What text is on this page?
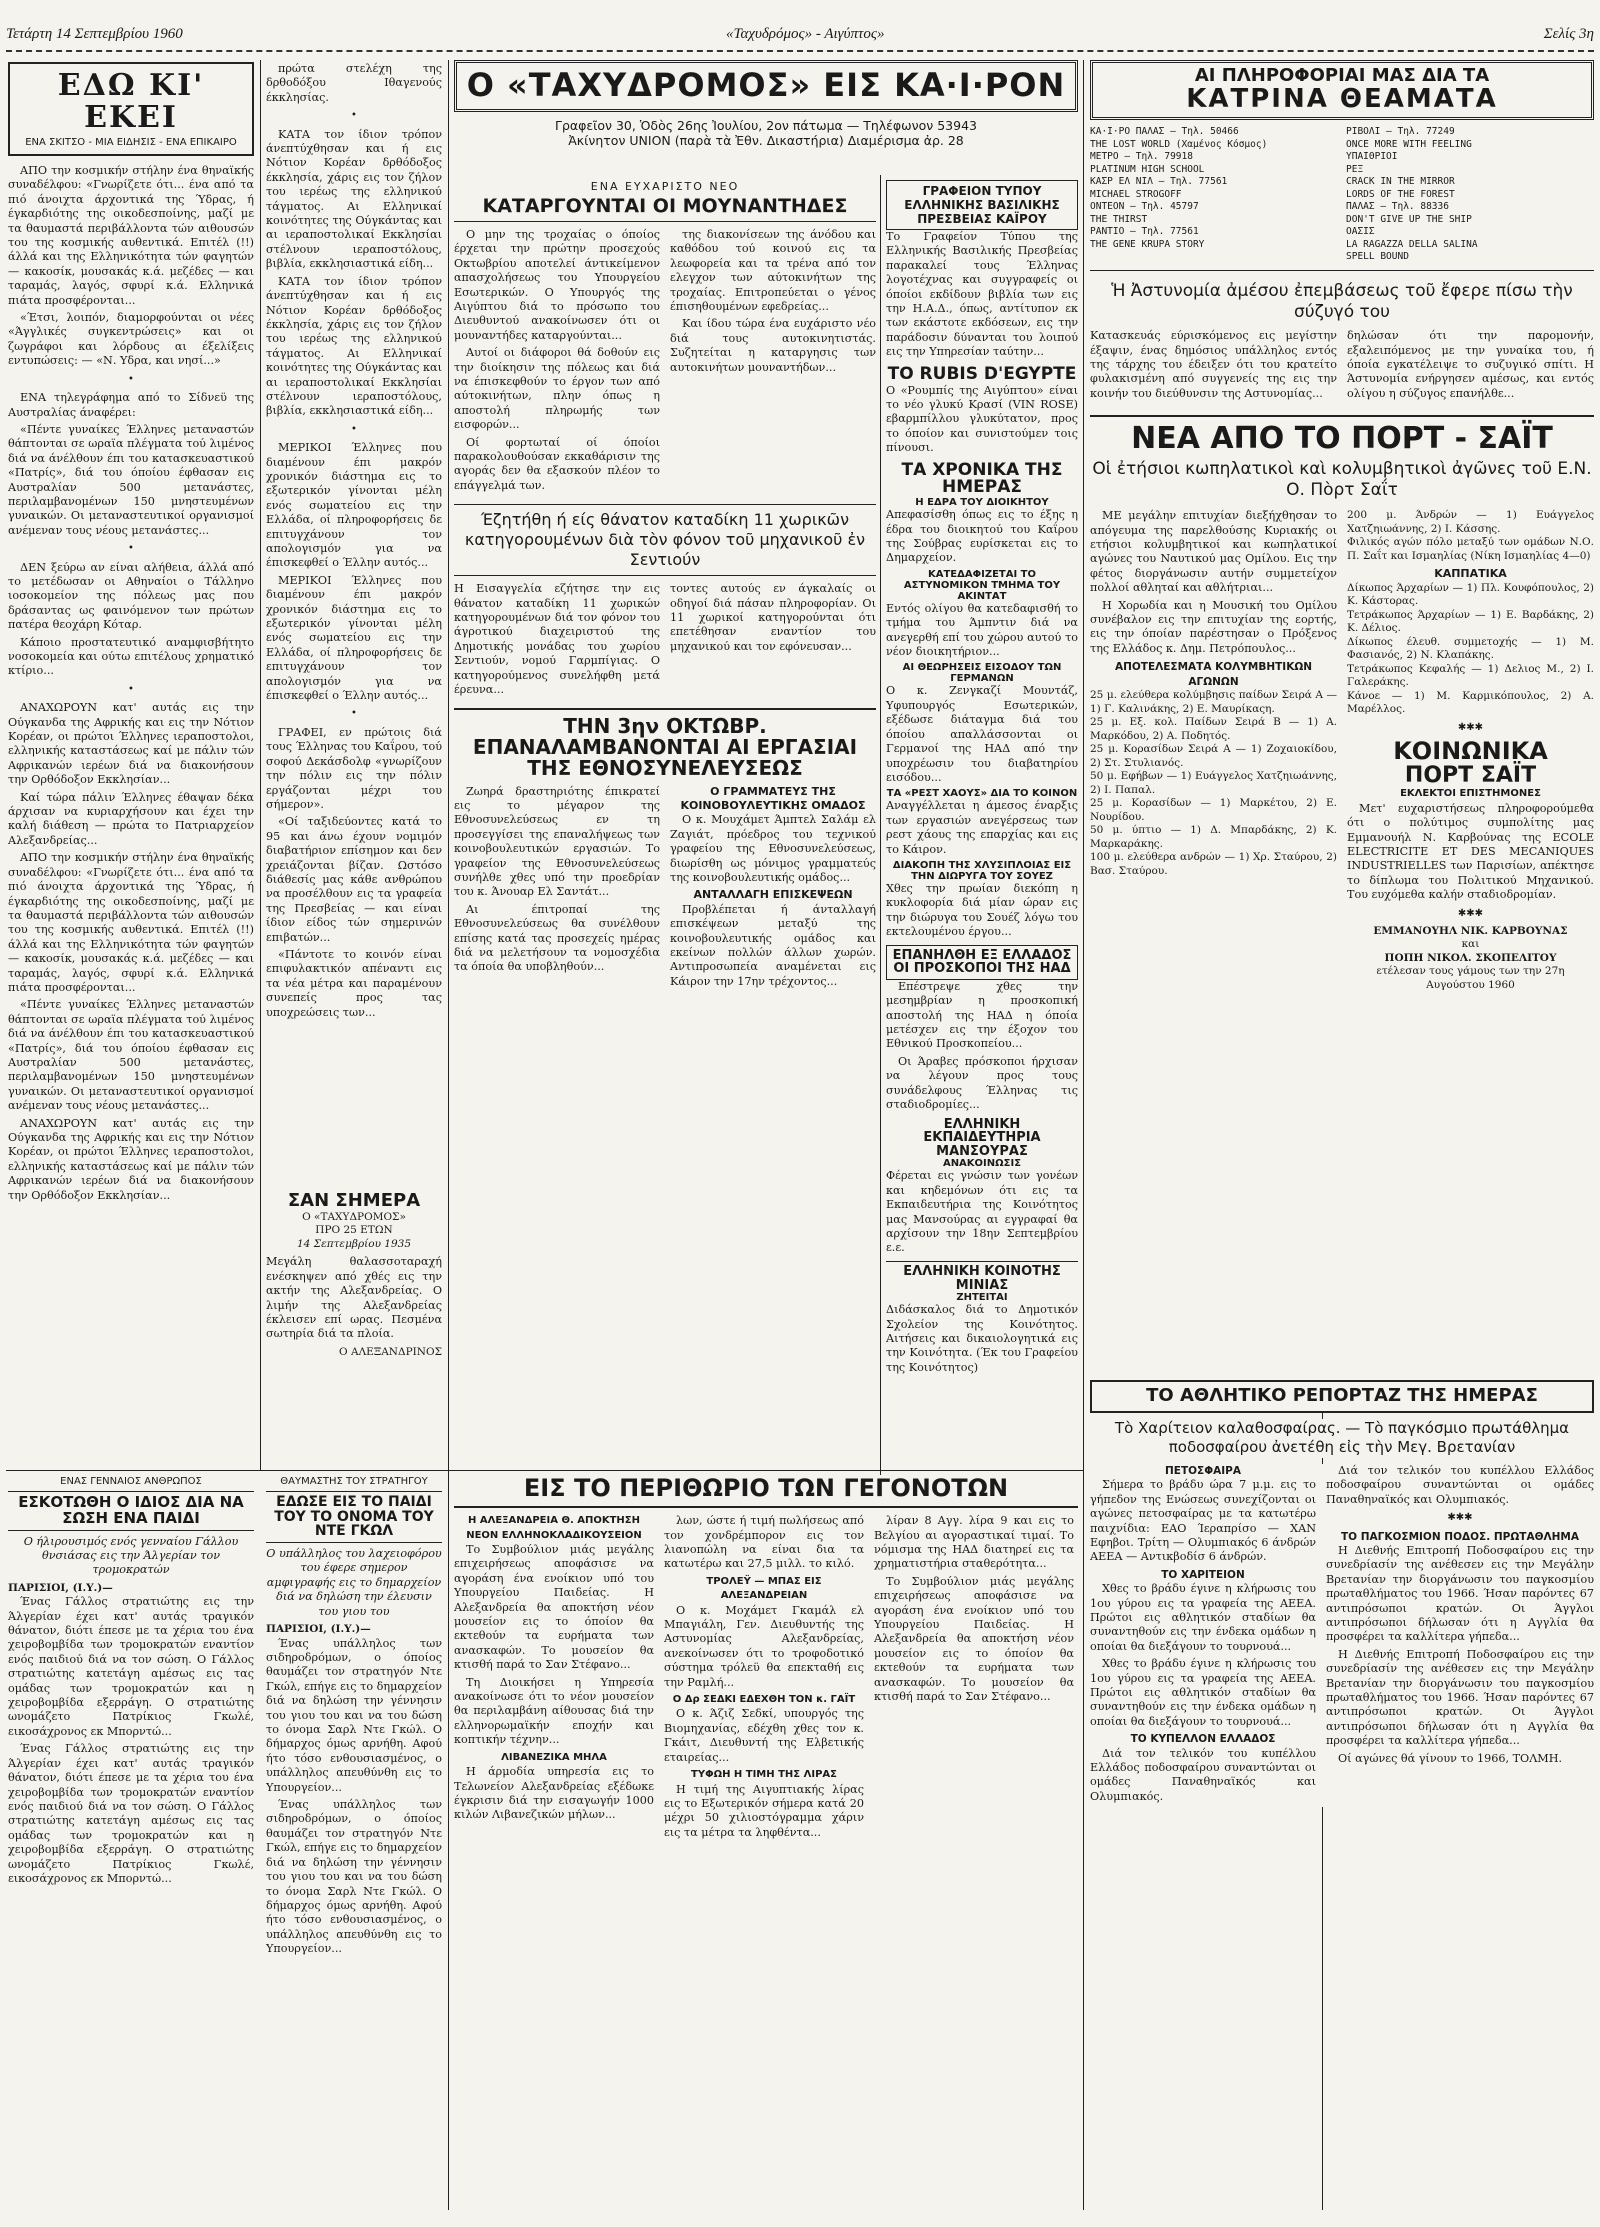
Τετάρτη 14 Σεπτεμβρίου 1960	«Ταχυδρόμος» - Αιγύπτος»	Σελίς 3η
ΕΔΩ ΚΙ' ΕΚΕΙ
ΕΝΑ ΣΚΙΤΣΟ - ΜΙΑ ΕΙΔΗΣΙΣ - ΕΝΑ ΕΠΙΚΑΙΡΟ

ΑΠΟ την κοσμικήν στήλην ένα θηναϊκής συναδέλφου: «Γνωρίζετε ότι... ένα από τα πιό άνοιχτα άρχοντικά της Ύδρας, ή έγκαρδιότης της οικοδεσποίνης, μαζί με τα θαυμαστά περιβάλλοντα τών αιθουσών του της κοσμικής αυθεντικά. Επιτέλ (!!) άλλά και της Ελληνικότητα τών φαγητών — κακοσίκ, μουσακάς κ.ά. μεζέδες — και ταραμάς, λαγός, σφυρί κ.ά. Ελληνικά πιάτα προσφέρονται...

«Έτσι, λοιπόν, διαμορφούνται οι νέες «Άγγλικές συγκεντρώσεις» και οι ζωγράφοι και λόρδους αι έξελίξεις εντυπώσεις: — «Ν. Υδρα, και νησί...»

•

ΕΝΑ τηλεγράφημα από το Σίδνεϋ της Αυστραλίας άναφέρει:

«Πέντε γυναίκες Έλληνες μεταναστών θάπτονται σε ωραϊα πλέγματα τού λιμένος διά να άνέλθουν έπι του κατασκευαστικού «Πατρίς», διά του όποίου έφθασαν εις Αυστραλίαν 500 μετανάστες, περιλαμβανομένων 150 μνηστευμένων γυναικών. Οι μεταναστευτικοί οργανισμοί ανέμεναν τους νέους μετανάστες...

•

ΔΕΝ ξεύρω αν είναι αλήθεια, άλλά από το μετέδωσαν οι Αθηναίοι ο Τάλληνο ιοσοκομείον της πόλεως μας που δράσαντας ως φαινόμενον των πρώτων πατέρα θεοχάρη Κόταρ.

Κάποιο προστατευτικό αναμφισβήτητο νοσοκομεία και ούτω επιτέλους χρηματικό κτίριο...

•

ΑΝΑΧΩΡΟΥΝ κατ' αυτάς εις την Ούγκανδα της Αφρικής και εις την Νότιον Κορέαν, οι πρώτοι Έλληνες ιεραποστολοι, ελληνικής καταστάσεως καί με πάλιν τών Αφρικανών ιερέων διά να διακονήσουν την Ορθόδοξον Εκκλησίαν...

Καί τώρα πάλιν Έλληνες έθαψαν δέκα άρχισαν να κυριαρχήσουν και έχει την καλή διάθεση — πρώτα το Πατριαρχείον Αλεξανδρείας...

ΑΠΟ την κοσμικήν στήλην ένα θηναϊκής συναδέλφου: «Γνωρίζετε ότι... ένα από τα πιό άνοιχτα άρχοντικά της Ύδρας, ή έγκαρδιότης της οικοδεσποίνης, μαζί με τα θαυμαστά περιβάλλοντα τών αιθουσών του της κοσμικής αυθεντικά. Επιτέλ (!!) άλλά και της Ελληνικότητα τών φαγητών — κακοσίκ, μουσακάς κ.ά. μεζέδες — και ταραμάς, λαγός, σφυρί κ.ά. Ελληνικά πιάτα προσφέρονται...

«Πέντε γυναίκες Έλληνες μεταναστών θάπτονται σε ωραϊα πλέγματα τού λιμένος διά να άνέλθουν έπι του κατασκευαστικού «Πατρίς», διά του όποίου έφθασαν εις Αυστραλίαν 500 μετανάστες, περιλαμβανομένων 150 μνηστευμένων γυναικών. Οι μεταναστευτικοί οργανισμοί ανέμεναν τους νέους μετανάστες...

ΑΝΑΧΩΡΟΥΝ κατ' αυτάς εις την Ούγκανδα της Αφρικής και εις την Νότιον Κορέαν, οι πρώτοι Έλληνες ιεραποστολοι, ελληνικής καταστάσεως καί με πάλιν τών Αφρικανών ιερέων διά να διακονήσουν την Ορθόδοξον Εκκλησίαν...

πρώτα στελέχη της δρθοδόξου Ιθαγενούς έκκλησίας.

•

ΚΑΤΑ τον ίδιον τρόπον άνεπτύχθησαν και ή εις Νότιον Κορέαν δρθόδοξος έκκλησία, χάρις εις τον ζήλον του ιερέως της ελληνικού τάγματος. Αι Ελληνικαί κοινότητες της Ούγκάντας και αι ιεραποστολικαί Εκκλησίαι στέλνουν ιεραποστόλους, βιβλία, εκκλησιαστικά είδη...

ΚΑΤΑ τον ίδιον τρόπον άνεπτύχθησαν και ή εις Νότιον Κορέαν δρθόδοξος έκκλησία, χάρις εις τον ζήλον του ιερέως της ελληνικού τάγματος. Αι Ελληνικαί κοινότητες της Ούγκάντας και αι ιεραποστολικαί Εκκλησίαι στέλνουν ιεραποστόλους, βιβλία, εκκλησιαστικά είδη...

•

ΜΕΡΙΚΟΙ Έλληνες που διαμένουν έπι μακρόν χρονικόν διάστημα εις το εξωτερικόν γίνονται μέλη ενός σωματείου εις την Ελλάδα, οί πληροφορήσεις δε επιτυγχάνουν τον απολογισμόν για να έπισκεφθεί ο Έλλην αυτός...

ΜΕΡΙΚΟΙ Έλληνες που διαμένουν έπι μακρόν χρονικόν διάστημα εις το εξωτερικόν γίνονται μέλη ενός σωματείου εις την Ελλάδα, οί πληροφορήσεις δε επιτυγχάνουν τον απολογισμόν για να έπισκεφθεί ο Έλλην αυτός...

•

ΓΡΑΦΕΙ, εν πρώτοις διά τους Έλληνας του Καΐρου, τού σοφού Δεκάσδολφ «γνωρίζουν την πόλιν εις την πόλιν εργάζονται μέχρι του σήμερον».

«Οί ταξιδεύοντες κατά το 95 και άνω έχουν νομιμόν διαβατήριον επίσημον και δεν χρειάζονται βίζαν. Ωστόσο διάθεσίς μας κάθε ανθρώπου να προσέλθουν εις τα γραφεία της Πρεσβείας — και είναι ίδιον είδος τών σημερινών επιβατών...

«Πάντοτε το κοινόν είναι επιφυλακτικόν απέναντι εις τα νέα μέτρα και παραμένουν συνεπείς προς τας υποχρεώσεις των...

ΣΑΝ ΣΗΜΕΡΑ
Ο «ΤΑΧΥΔΡΟΜΟΣ»
ΠΡΟ 25 ΕΤΩΝ
14 Σεπτεμβρίου 1935
Μεγάλη θαλασσοταραχή ενέσκηψεν από χθές εις την ακτήν της Αλεξανδρείας. Ο λιμήν της Αλεξανδρείας έκλεισεν επί ωρας. Πεσμένα σωτηρία διά τα πλοία.
Ο ΑΛΕΞΑΝΔΡΙΝΟΣ
Ο «ΤΑΧΥΔΡΟΜΟΣ» ΕΙΣ ΚΑ·Ι·ΡΟΝ
Γραφεῖον 30, Ὁδὸς 26ης Ἰουλίου, 2ον πάτωμα — Τηλέφωνον 53943
Ἀκίνητον UNION (παρὰ τὰ Ἐθν. Δικαστήρια) Διαμέρισμα ἀρ. 28
ΕΝΑ ΕΥΧΑΡΙΣΤΟ ΝΕΟ
ΚΑΤΑΡΓΟΥΝΤΑΙ ΟΙ ΜΟΥΝΑΝΤΗΔΕΣ

Ο μην της τροχαίας ο όποίος έρχεται την πρώτην προσεχούς Οκτωβρίου αποτελεί άντικείμενον απασχολήσεως του Υπουργείου Εσωτερικών. Ο Υπουργός της Αιγύπτου διά το πρόσωπο του Διευθυντού ανακοίνωσεν ότι οι μουναντήδες καταργούνται...

Αυτοί οι διάφοροι θά δοθούν εις την διοίκησιν της πόλεως και διά να έπισκεφθούν το έργον των από αύτοκινήτων, πλην όπως η αποστολή πληρωμής των εισφορών...

Οί φορτωταί οί όποίοι παρακολουθούσαν εκκαθάρισιν της αγοράς δεν θα εξασκούν πλέον το επάγγελμά των.

της διακονίσεων της άνόδου και καθόδου τού κοινού εις τα λεωφορεία και τα τρένα από τον ελεγχον των αύτοκινήτων της τροχαίας. Επιτροπεύεται ο γένος έπισηθουμένων εφεδρείας...

Και ίδου τώρα ένα ευχάριστο νέο διά τους αυτοκινητιστάς. Συζητείται η καταργησις των αυτοκινήτων μουναντήδων...

Έζητήθη ή είς θάνατον καταδίκη 11 χωρικῶν κατηγορουμένων διὰ τὸν φόνον τοῦ μηχανικοῦ ἐν Σεντιούν
Η Εισαγγελία εζήτησε την εις θάνατον καταδίκη 11 χωρικών κατηγορουμένων διά τον φόνον του άγροτικού διαχειριστού της Δημοτικής μονάδας του χωρίου Σεντιούν, νομού Γαρμπίγιας. Ο κατηγορούμενος συνελήφθη μετά έρευνα...
τοντες αυτούς εν άγκαλαίς οι οδηγοί διά πάσαν πληροφορίαν. Οι 11 χωρικοί κατηγορούνται ότι επετέθησαν εναντίον του μηχανικού και τον εφόνευσαν...
ΤΗΝ 3ην ΟΚΤΩΒΡ. ΕΠΑΝΑΛΑΜΒΑΝΟΝΤΑΙ ΑΙ ΕΡΓΑΣΙΑΙ ΤΗΣ ΕΘΝΟΣΥΝΕΛΕΥΣΕΩΣ

Ζωηρά δραστηριότης έπικρατεί εις το μέγαρον της Εθνοσυνελεύσεως εν τη προσεγγίσει της επαναλήψεως των κοινοβουλευτικών εργασιών. Το γραφείον της Εθνοσυνελεύσεως συνήλθε χθες υπό την προεδρίαν του κ. Άνουαρ Ελ Σαντάτ...

Αι έπιτροπαί της Εθνοσυνελεύσεως θα συνέλθουν επίσης κατά τας προσεχείς ημέρας διά να μελετήσουν τα νομοσχέδια τα όποία θα υποβληθούν...

Ο ΓΡΑΜΜΑΤΕΥΣ ΤΗΣ ΚΟΙΝΟΒΟΥΛΕΥΤΙΚΗΣ ΟΜΑΔΟΣ

Ο κ. Μουχάμετ Άμπτελ Σαλάμ ελ Ζαγιάτ, πρόεδρος του τεχνικού γραφείου της Εθνοσυνελεύσεως, διωρίσθη ως μόνιμος γραμματεύς της κοινοβουλευτικής ομάδος...

ΑΝΤΑΛΛΑΓΗ ΕΠΙΣΚΕΨΕΩΝ

Προβλέπεται ή άνταλλαγή επισκέψεων μεταξύ της κοινοβουλευτικής ομάδος και εκείνων πολλών άλλων χωρών. Αντιπροσωπεία αναμένεται εις Κάιρον την 17ην τρέχοντος...

ΓΡΑΦΕΙΟΝ ΤΥΠΟΥ ΕΛΛΗΝΙΚΗΣ ΒΑΣΙΛΙΚΗΣ ΠΡΕΣΒΕΙΑΣ ΚΑΪΡΟΥ
Το Γραφείον Τύπου της Ελληνικής Βασιλικής Πρεσβείας παρακαλεί τους Έλληνας λογοτέχνας και συγγραφείς οι όποίοι εκδίδουν βιβλία των εις την Η.Α.Δ., όπως, αντίτυπον εκ των εκάστοτε εκδόσεων, εις την παράδοσιν δύνανται του λοιπού εις την Υπηρεσίαν ταύτην...
TO RUBIS D'EGYPTE
Ο «Ρουμπίς της Αιγύπτου» είναι το νέο γλυκύ Κρασί (VIN ROSE) εβαρμπίλλου γλυκύτατον, προς το όποίον και συνιστούμεν τοις πίνουσι.
ΤΑ ΧΡΟΝΙΚΑ ΤΗΣ ΗΜΕΡΑΣ
Η ΕΔΡΑ ΤΟΥ ΔΙΟΙΚΗΤΟΥ
Απεφασίσθη όπως εις το έξης η έδρα του διοικητού του Καΐρου της Σούβρας ευρίσκεται εις το Δημαρχείον.
ΚΑΤΕΔΑΦΙΖΕΤΑΙ ΤΟ ΑΣΤΥΝΟΜΙΚΟΝ ΤΜΗΜΑ ΤΟΥ ΑΚΙΝΤΑΤ
Εντός ολίγου θα κατεδαφισθή το τμήμα του Άμπντιν διά να ανεγερθή επί του χώρου αυτού το νέον διοικητήριον...
ΑΙ ΘΕΩΡΗΣΕΙΣ ΕΙΣΟΔΟΥ ΤΩΝ ΓΕΡΜΑΝΩΝ
Ο κ. Ζενγκαζί Μουντάζ, Υφυπουργός Εσωτερικών, εξέδωσε διάταγμα διά του όποίου απαλλάσσονται οι Γερμανοί της ΗΑΔ από την υποχρέωσιν του διαβατηρίου εισόδου...
ΤΑ «ΡΕΣΤ ΧΑΟΥΣ» ΔΙΑ ΤΟ ΚΟΙΝΟΝ
Αναγγέλλεται η άμεσος έναρξις των εργασιών ανεγέρσεως των ρεστ χάους της επαρχίας και εις το Κάιρον.
ΔΙΑΚΟΠΗ ΤΗΣ ΧΛΥΣΙΠΛΟΙΑΣ ΕΙΣ ΤΗΝ ΔΙΩΡΥΓΑ ΤΟΥ ΣΟΥΕΖ
Χθες την πρωίαν διεκόπη η κυκλοφορία διά μίαν ώραν εις την διώρυγα του Σουέζ λόγω του εκτελουμένου έργου...
ΕΠΑΝΗΛΘΗ ΕΞ ΕΛΛΑΔΟΣ ΟΙ ΠΡΟΣΚΟΠΟΙ ΤΗΣ ΗΑΔ

Επέστρεψε χθες την μεσημβρίαν η προσκοπική αποστολή της ΗΑΔ η όποία μετέσχεν εις την έξοχον του Εθνικού Προσκοπείου...

Οι Άραβες πρόσκοποι ήρχισαν να λέγουν προς τους συνάδελφους Έλληνας τις σταδιοδρομίες...

ΕΛΛΗΝΙΚΗ ΕΚΠΑΙΔΕΥΤΗΡΙΑ ΜΑΝΣΟΥΡΑΣ
ΑΝΑΚΟΙΝΩΣΙΣ
Φέρεται εις γνώσιν των γονέων και κηδεμόνων ότι εις τα Εκπαιδευτήρια της Κοινότητος μας Μανσούρας αι εγγραφαί θα αρχίσουν την 18ην Σεπτεμβρίου ε.ε.
ΕΛΛΗΝΙΚΗ ΚΟΙΝΟΤΗΣ ΜΙΝΙΑΣ
ΖΗΤΕΙΤΑΙ
Διδάσκαλος διά το Δημοτικόν Σχολείον της Κοινότητος. Αιτήσεις και δικαιολογητικά εις την Κοινότητα. (Έκ του Γραφείου της Κοινότητος)
ΕΝΑΣ ΓΕΝΝΑΙΟΣ ΑΝΘΡΩΠΟΣ
ΕΣΚΟΤΩΘΗ Ο ΙΔΙΟΣ ΔΙΑ ΝΑ ΣΩΣΗ ΕΝΑ ΠΑΙΔΙ
Ο ήλιρουσιμός ενός γενναίου Γάλλου θνσιάσας εις την Άλγερίαν τον τρομοκρατών
ΠΑΡΙΣΙΟΙ, (Ι.Υ.)—

Ένας Γάλλος στρατιώτης εις την Άλγερίαν έχει κατ' αυτάς τραγικόν θάνατον, διότι έπεσε με τα χέρια του ένα χειροβομβίδα των τρομοκρατών εναντίον ενός παιδιού διά να τον σώση. Ο Γάλλος στρατιώτης κατετάγη αμέσως εις τας ομάδας των τρομοκρατών και η χειροβομβίδα εξερράγη. Ο στρατιώτης ωνομάζετο Πατρίκιος Γκωλέ, εικοσάχρονος εκ Μπορντώ...

Ένας Γάλλος στρατιώτης εις την Άλγερίαν έχει κατ' αυτάς τραγικόν θάνατον, διότι έπεσε με τα χέρια του ένα χειροβομβίδα των τρομοκρατών εναντίον ενός παιδιού διά να τον σώση. Ο Γάλλος στρατιώτης κατετάγη αμέσως εις τας ομάδας των τρομοκρατών και η χειροβομβίδα εξερράγη. Ο στρατιώτης ωνομάζετο Πατρίκιος Γκωλέ, εικοσάχρονος εκ Μπορντώ...

ΘΑΥΜΑΣΤΗΣ ΤΟΥ ΣΤΡΑΤΗΓΟΥ
ΕΔΩΣΕ ΕΙΣ ΤΟ ΠΑΙΔΙ ΤΟΥ ΤΟ ΟΝΟΜΑ ΤΟΥ ΝΤΕ ΓΚΩΛ
Ο υπάλληλος του λαχειοφόρου του έφερε σημερον αμφιγραφής εις το δημαρχείον διά να δηλώση την έλευσιν του γιου του
ΠΑΡΙΣΙΟΙ, (Ι.Υ.)—

Ένας υπάλληλος των σιδηροδρόμων, ο όποίος θαυμάζει τον στρατηγόν Ντε Γκώλ, επήγε εις το δημαρχείον διά να δηλώση την γέννησιν του γιου του και να του δώση το όνομα Σαρλ Ντε Γκώλ. Ο δήμαρχος όμως αρνήθη. Αφού ήτο τόσο ενθουσιασμένος, ο υπάλληλος απευθύνθη εις το Υπουργείον...

Ένας υπάλληλος των σιδηροδρόμων, ο όποίος θαυμάζει τον στρατηγόν Ντε Γκώλ, επήγε εις το δημαρχείον διά να δηλώση την γέννησιν του γιου του και να του δώση το όνομα Σαρλ Ντε Γκώλ. Ο δήμαρχος όμως αρνήθη. Αφού ήτο τόσο ενθουσιασμένος, ο υπάλληλος απευθύνθη εις το Υπουργείον...

ΕΙΣ ΤΟ ΠΕΡΙΘΩΡΙΟ ΤΩΝ ΓΕΓΟΝΟΤΩΝ
Η ΑΛΕΞΑΝΔΡΕΙΑ Θ. ΑΠΟΚΤΗΣΗ ΝΕΟΝ ΕΛΛΗΝΟΚΛΑΔΙΚΟΥΣΕΙΟΝ

Το Συμβούλιον μιάς μεγάλης επιχειρήσεως αποφάσισε να αγοράση ένα ενοίκιον υπό του Υπουργείου Παιδείας. Η Αλεξανδρεία θα αποκτήση νέον μουσείον εις το όποίον θα εκτεθούν τα ευρήματα των ανασκαφών. Το μουσείον θα κτισθή παρά το Σαν Στέφανο...

Τη Διοικήσει η Υπηρεσία ανακοίνωσε ότι το νέον μουσείον θα περιλαμβάνη αίθουσας διά την ελληνορωμαϊκήν εποχήν και κοπτικήν τέχνην...

ΛΙΒΑΝΕΖΙΚΑ ΜΗΛΑ

Η άρμοδία υπηρεσία εις το Τελωνείον Αλεξανδρείας εξέδωκε έγκρισιν διά την εισαγωγήν 1000 κιλών Λιβανεζικών μήλων...

λων, ώστε ή τιμή πωλήσεως από τον χονδρέμπορον εις τον λιανοπώλη να είναι δια τα κατωτέρω και 27,5 μιλλ. το κιλό.

ΤΡΟΛΕΫ — ΜΠΑΣ ΕΙΣ ΑΛΕΞΑΝΔΡΕΙΑΝ

Ο κ. Μοχάμετ Γκαμάλ ελ Μπαγιάλη, Γεν. Διευθυντής της Αστυνομίας Αλεξανδρείας, ανεκοίνωσεν ότι το τροφοδοτικό σύστημα τρόλεϋ θα επεκταθή εις την Ραμλή...

Ο Δρ ΣΕΔΚΙ ΕΔΕΧΘΗ ΤΟΝ κ. ΓΑΪΤ

Ο κ. Άζιζ Σεδκί, υπουργός της Βιομηχανίας, εδέχθη χθες τον κ. Γκάιτ, Διευθυντή της Ελβετικής εταιρείας...

ΤΥΦΩΗ Η ΤΙΜΗ ΤΗΣ ΛΙΡΑΣ

Η τιμή της Αιγυπτιακής λίρας εις το Εξωτερικόν σήμερα κατά 20 μέχρι 50 χιλιοστόγραμμα χάριν εις τα μέτρα τα ληφθέντα...

λίραν 8 Αγγ. λίρα 9 και εις το Βελγίου αι αγοραστικαί τιμαί. Το νόμισμα της ΗΑΔ διατηρεί εις τα χρηματιστήρια σταθερότητα...

Το Συμβούλιον μιάς μεγάλης επιχειρήσεως αποφάσισε να αγοράση ένα ενοίκιον υπό του Υπουργείου Παιδείας. Η Αλεξανδρεία θα αποκτήση νέον μουσείον εις το όποίον θα εκτεθούν τα ευρήματα των ανασκαφών. Το μουσείον θα κτισθή παρά το Σαν Στέφανο...

ΑΙ ΠΛΗΡΟΦΟΡΙΑΙ ΜΑΣ ΔΙΑ ΤΑ
ΚΑΤΡΙΝΑ ΘΕΑΜΑΤΑ
ΚΑ·Ι·ΡΟ ΠΑΛΑΣ — Τηλ. 50466
THE LOST WORLD (Χαμένος Κόσμος)
ΜΕΤΡΟ — Τηλ. 79918
PLATINUM HIGH SCHOOL
ΚΑΣΡ ΕΛ ΝΙΛ — Τηλ. 77561
MICHAEL STROGOFF
ΟΝΤΕΟΝ — Τηλ. 45797
THE THIRST
ΡΑΝΤΙΟ — Τηλ. 77561
THE GENE KRUPA STORY
ΡΙΒΟΛΙ — Τηλ. 77249
ONCE MORE WITH FEELING
ΥΠΑΙΘΡΙΟΙ
ΡΕΞ
CRACK IN THE MIRROR
LORDS OF THE FOREST
ΠΑΛΑΣ — Τηλ. 88336
DON'T GIVE UP THE SHIP
ΟΑΣΙΣ
LA RAGAZZA DELLA SALINA
SPELL BOUND
Ἡ Ἀστυνομία ἀμέσου ἐπεμβάσεως τοῦ ἔφερε πίσω τὴν σύζυγό του
Κατασκευάς εύρισκόμενος εις μεγίστην έξαψιν, ένας δημόσιος υπάλληλος εντός της τάρχης του έδειξεν ότι του κρατείτο φυλακισμένη από συγγενείς της εις την κοινήν του διεύθυνσιν της Αστυνομίας...
δηλώσαν ότι την παρομονήν, εξαλειπόμενος με την γυναίκα του, ή όποία εγκατέλειψε το συζυγικό σπίτι. Η Άστυνομία ενήργησεν αμέσως, και εντός ολίγου η σύζυγος επανήλθε...
ΝΕΑ ΑΠΟ ΤΟ ΠΟΡΤ - ΣΑΪΤ
Οἱ ἐτήσιοι κωπηλατικοὶ καὶ κολυμβητικοὶ ἀγῶνες τοῦ Ε.Ν. Ο. Πὸρτ Σαΐτ

ΜΕ μεγάλην επιτυχίαν διεξήχθησαν το απόγευμα της παρελθούσης Κυριακής οι ετήσιοι κολυμβητικοί και κωπηλατικοί αγώνες του Ναυτικού μας Ομίλου. Εις την φέτος διοργάνωσιν αυτήν συμμετείχον πολλοί αθληταί και αθλήτριαι...

Η Χορωδία και η Μουσική του Ομίλου συνέβαλον εις την επιτυχίαν της εορτής, εις την όποίαν παρέστησαν ο Πρόξενος της Ελλάδος κ. Δημ. Πετρόπουλος...

ΑΠΟΤΕΛΕΣΜΑΤΑ ΚΟΛΥΜΒΗΤΙΚΩΝ ΑΓΩΝΩΝ
25 μ. ελεύθερα κολύμβησις παίδων Σειρά Α — 1) Γ. Καλινάκης, 2) Ε. Μαυρίκαςη.
25 μ. Εξ. κολ. Παίδων Σειρά Β — 1) Α. Μαρκόδου, 2) Α. Ποδητός.
25 μ. Κορασίδων Σειρά Α — 1) Ζοχαιοκίδου, 2) Στ. Στυλιανός.
50 μ. Εφήβων — 1) Ευάγγελος Χατζηιωάννης, 2) Ι. Παπαλ.
25 μ. Κορασίδων — 1) Μαρκέτου, 2) Ε. Νουρίδου.
50 μ. ύπτιο — 1) Δ. Μπαρδάκης, 2) Κ. Μαρκαράκης.
100 μ. ελεύθερα ανδρών — 1) Χρ. Σταύρου, 2) Βασ. Σταύρου.
200 μ. Άνδρών — 1) Ευάγγελος Χατζηιωάννης, 2) Ι. Κάσσης.
Φιλικός αγών πόλο μεταξύ των ομάδων Ν.Ο. Π. Σαΐτ και Ισμαηλίας (Νίκη Ισμαηλίας 4—0)
ΚΑΠΠΑΤΙΚΑ
Δίκωπος Άρχαρίων — 1) Πλ. Κουφόπουλος, 2) Κ. Κάστορας.
Τετράκωπος Άρχαρίων — 1) Ε. Βαρδάκης, 2) Κ. Δέλιος.
Δίκωπος έλευθ. συμμετοχής — 1) Μ. Φασιανός, 2) Ν. Κλαπάκης.
Τετράκωπος Κεφαλής — 1) Δελιος Μ., 2) Ι. Γαλεράκης.
Κάνοε — 1) Μ. Καρμικόπουλος, 2) Α. Μαρέλλος.
✱✱✱
ΚΟΙΝΩΝΙΚΑ
ΠΟΡΤ ΣΑΪΤ
ΕΚΛΕΚΤΟΙ ΕΠΙΣΤΗΜΟΝΕΣ

Μετ' ευχαριστήσεως πληροφορούμεθα ότι ο πολύτιμος συμπολίτης μας Εμμανουήλ Ν. Καρβούνας της ECOLE ELECTRICITE ET DES MECANIQUES INDUSTRIELLES των Παρισίων, απέκτησε το δίπλωμα του Πολιτικού Μηχανικού. Του ευχόμεθα καλήν σταδιοδρομίαν.

✱✱✱
ΕΜΜΑΝΟΥΗΛ ΝΙΚ. ΚΑΡΒΟΥΝΑΣ
και
ΠΟΠΗ ΝΙΚΟΛ. ΣΚΟΠΕΛΙΤΟΥ
ετέλεσαν τους γάμους των την 27η Αυγούστου 1960
ΤΟ ΑΘΛΗΤΙΚΟ ΡΕΠΟΡΤΑΖ ΤΗΣ ΗΜΕΡΑΣ
Τὸ Χαρίτειον καλαθοσφαίρας. — Τὸ παγκόσμιο πρωτάθλημα ποδοσφαίρου ἀνετέθη εἰς τὴν Μεγ. Βρετανίαν
ΠΕΤΟΣΦΑΙΡΑ

Σήμερα το βράδυ ώρα 7 μ.μ. εις το γήπεδον της Ενώσεως συνεχίζονται οι αγώνες πετοσφαίρας με τα κατωτέρω παιχνίδια: ΕΑΟ Ίεραπρίσο — ΧΑΝ Εφηβοι. Τρίτη — Ολυμπιακός 6 άνδρών ΑΕΕΑ — Αντικβοδίσ 6 άνδρών.

ΤΟ ΧΑΡΙΤΕΙΟΝ

Χθες το βράδυ έγινε η κλήρωσις του 1ου γύρου εις τα γραφεία της ΑΕΕΑ. Πρώτοι εις αθλητικόν σταδίων θα συναντηθούν εις την ένδεκα ομάδων η οποίαι θα διεξάγουν το τουρνουά...

Χθες το βράδυ έγινε η κλήρωσις του 1ου γύρου εις τα γραφεία της ΑΕΕΑ. Πρώτοι εις αθλητικόν σταδίων θα συναντηθούν εις την ένδεκα ομάδων η οποίαι θα διεξάγουν το τουρνουά...

ΤΟ ΚΥΠΕΛΛΟΝ ΕΛΛΑΔΟΣ

Διά τον τελικόν του κυπέλλου Ελλάδος ποδοσφαίρου συναντώνται οι ομάδες Παναθηναϊκός και Ολυμπιακός.

Διά τον τελικόν του κυπέλλου Ελλάδος ποδοσφαίρου συναντώνται οι ομάδες Παναθηναϊκός και Ολυμπιακός.

✱✱✱
ΤΟ ΠΑΓΚΟΣΜΙΟΝ ΠΟΔΟΣ. ΠΡΩΤΑΘΛΗΜΑ

Η Διεθνής Επιτροπή Ποδοσφαίρου εις την συνεδρίασίν της ανέθεσεν εις την Μεγάλην Βρετανίαν την διοργάνωσιν του παγκοσμίου πρωταθλήματος του 1966. Ήσαν παρόντες 67 αντιπρόσωποι κρατών. Οι Άγγλοι αντιπρόσωποι δήλωσαν ότι η Αγγλία θα προσφέρει τα καλλίτερα γήπεδα...

Η Διεθνής Επιτροπή Ποδοσφαίρου εις την συνεδρίασίν της ανέθεσεν εις την Μεγάλην Βρετανίαν την διοργάνωσιν του παγκοσμίου πρωταθλήματος του 1966. Ήσαν παρόντες 67 αντιπρόσωποι κρατών. Οι Άγγλοι αντιπρόσωποι δήλωσαν ότι η Αγγλία θα προσφέρει τα καλλίτερα γήπεδα...

Οί αγώνες θά γίνουν το 1966, ΤΟΛΜΗ.
